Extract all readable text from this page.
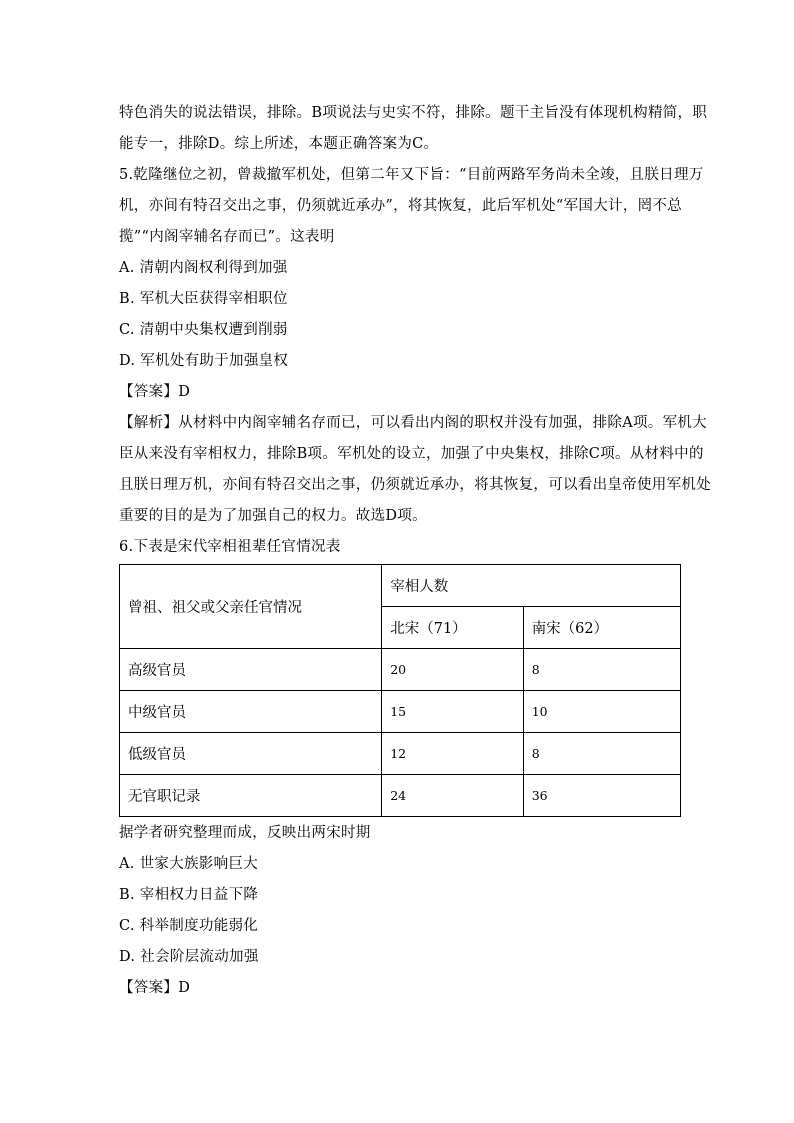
特色消失的说法错误，排除。B项说法与史实不符，排除。题干主旨没有体现机构精简，职
能专一，排除D。综上所述，本题正确答案为C。
5.乾隆继位之初，曾裁撤军机处，但第二年又下旨：“目前两路军务尚未全竣，且朕日理万
机，亦间有特召交出之事，仍须就近承办”，将其恢复，此后军机处“军国大计，罔不总
揽”“内阁宰辅名存而已”。这表明
A. 清朝内阁权利得到加强
B. 军机大臣获得宰相职位
C. 清朝中央集权遭到削弱
D. 军机处有助于加强皇权
【答案】D
【解析】从材料中内阁宰辅名存而已，可以看出内阁的职权并没有加强，排除A项。军机大
臣从来没有宰相权力，排除B项。军机处的设立，加强了中央集权，排除C项。从材料中的
且朕日理万机，亦间有特召交出之事，仍须就近承办，将其恢复，可以看出皇帝使用军机处
重要的目的是为了加强自己的权力。故选D项。
6.下表是宋代宰相祖辈任官情况表
曾祖、祖父或父亲任官情况	宰相人数	
	北宋（71）	南宋（62）
高级官员	20	8
中级官员	15	10
低级官员	12	8
无官职记录	24	36
据学者研究整理而成，反映出两宋时期
A. 世家大族影响巨大
B. 宰相权力日益下降
C. 科举制度功能弱化
D. 社会阶层流动加强
【答案】D
